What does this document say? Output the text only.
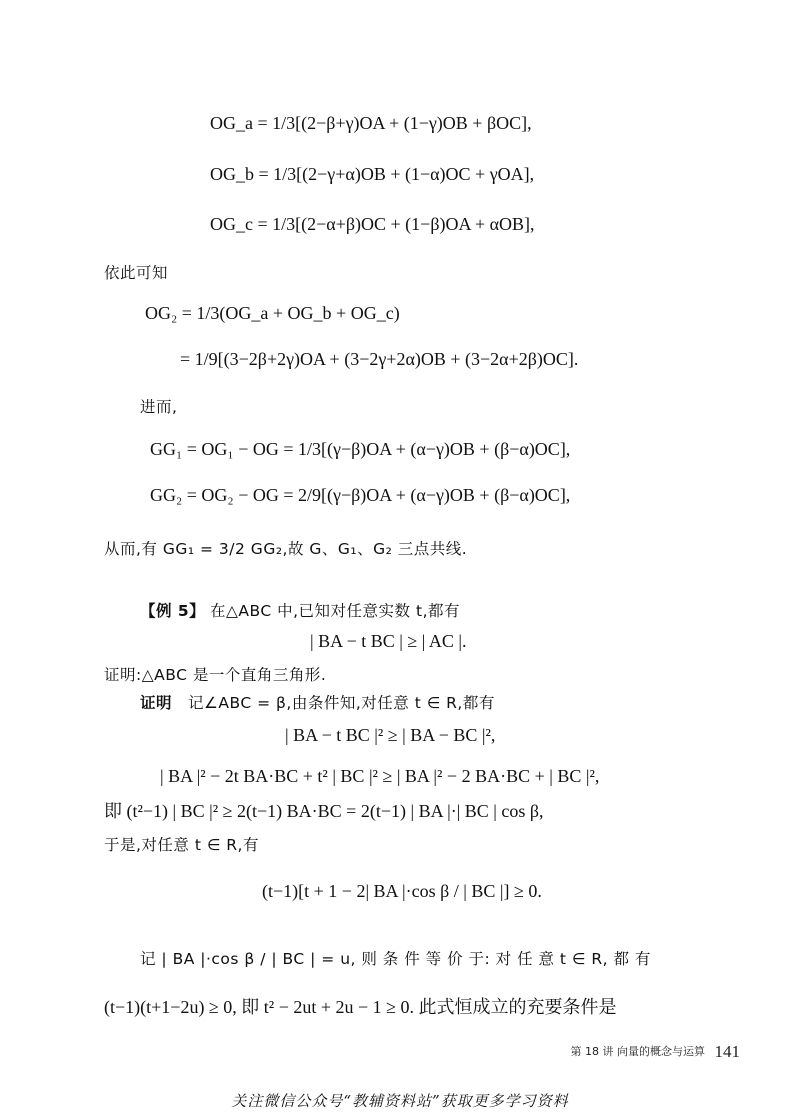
OG_a = 1/3[(2−β+γ)OA + (1−γ)OB + βOC],
OG_b = 1/3[(2−γ+α)OB + (1−α)OC + γOA],
OG_c = 1/3[(2−α+β)OC + (1−β)OA + αOB],
依此可知
OG₂ = 1/3(OG_a + OG_b + OG_c)
= 1/9[(3−2β+2γ)OA + (3−2γ+2α)OB + (3−2α+2β)OC].
进而,
GG₁ = OG₁ − OG = 1/3[(γ−β)OA + (α−γ)OB + (β−α)OC],
GG₂ = OG₂ − OG = 2/9[(γ−β)OA + (α−γ)OB + (β−α)OC],
从而,有 GG₁ = 3/2 GG₂,故 G、G₁、G₂ 三点共线.
【例 5】 在△ABC 中,已知对任意实数 t,都有
| BA − t BC | ≥ | AC |.
证明:△ABC 是一个直角三角形.
证明 记∠ABC = β,由条件知,对任意 t ∈ R,都有
| BA − t BC |² ≥ | BA − BC |²,
| BA |² − 2t BA·BC + t² | BC |² ≥ | BA |² − 2 BA·BC + | BC |²,
即 (t²−1) | BC |² ≥ 2(t−1) BA·BC = 2(t−1) | BA |·| BC | cos β,
于是,对任意 t ∈ R,有
(t−1)[t + 1 − 2| BA |·cos β / | BC |] ≥ 0.
记 | BA |·cos β / | BC | = u, 则 条 件 等 价 于: 对 任 意 t ∈ R, 都 有
(t−1)(t+1−2u) ≥ 0, 即 t² − 2ut + 2u − 1 ≥ 0. 此式恒成立的充要条件是
第 18 讲 向量的概念与运算 141
关注微信公众号“教辅资料站”获取更多学习资料
